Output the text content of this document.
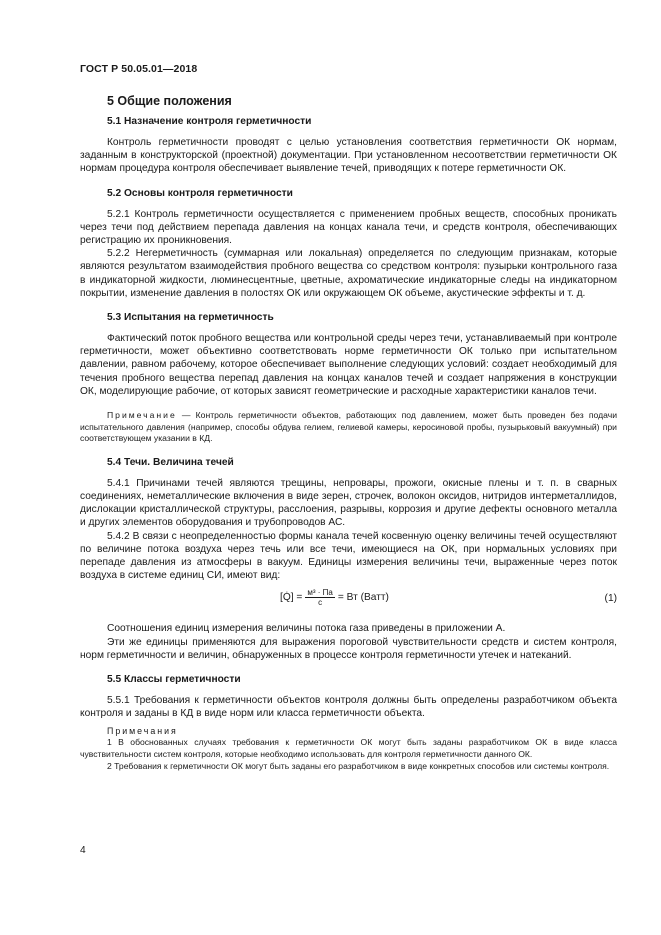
ГОСТ Р 50.05.01—2018
5 Общие положения
5.1 Назначение контроля герметичности

Контроль герметичности проводят с целью установления соответствия герметичности ОК нормам, заданным в конструкторской (проектной) документации. При установленном несоответствии герметичности ОК нормам процедура контроля обеспечивает выявление течей, приводящих к потере герметичности ОК.

5.2 Основы контроля герметичности

5.2.1 Контроль герметичности осуществляется с применением пробных веществ, способных проникать через течи под действием перепада давления на концах канала течи, и средств контроля, обеспечивающих регистрацию их проникновения.

5.2.2 Негерметичность (суммарная или локальная) определяется по следующим признакам, которые являются результатом взаимодействия пробного вещества со средством контроля: пузырьки контрольного газа в индикаторной жидкости, люминесцентные, цветные, ахроматические индикаторные следы на индикаторном покрытии, изменение давления в полостях ОК или окружающем ОК объеме, акустические эффекты и т. д.

5.3 Испытания на герметичность

Фактический поток пробного вещества или контрольной среды через течи, устанавливаемый при контроле герметичности, может объективно соответствовать норме герметичности ОК только при испытательном давлении, равном рабочему, которое обеспечивает выполнение следующих условий: создает необходимый для течения пробного вещества перепад давления на концах каналов течей и создает напряжения в конструкции ОК, моделирующие рабочие, от которых зависят геометрические и расходные характеристики каналов течи.

Примечание — Контроль герметичности объектов, работающих под давлением, может быть проведен без подачи испытательного давления (например, способы обдува гелием, гелиевой камеры, керосиновой пробы, пузырьковый вакуумный) при соответствующем указании в КД.

5.4 Течи. Величина течей

5.4.1 Причинами течей являются трещины, непровары, прожоги, окисные плены и т. п. в сварных соединениях, неметаллические включения в виде зерен, строчек, волокон оксидов, нитридов интерметаллидов, дислокации кристаллической структуры, расслоения, разрывы, коррозия и другие дефекты основного металла и других элементов оборудования и трубопроводов АС.

5.4.2 В связи с неопределенностью формы канала течей косвенную оценку величины течей осуществляют по величине потока воздуха через течь или все течи, имеющиеся на ОК, при нормальных условиях при перепаде давления из атмосферы в вакуум. Единицы измерения величины течи, выраженные через поток воздуха в системе единиц СИ, имеют вид:

[Q̇] = $\frac{\text{м³ · Па}}{с}$ = Вт (Ватт)	(1)

Соотношения единиц измерения величины потока газа приведены в приложении А.

Эти же единицы применяются для выражения пороговой чувствительности средств и систем контроля, норм герметичности и величин, обнаруженных в процессе контроля герметичности утечек и натеканий.

5.5 Классы герметичности

5.5.1 Требования к герметичности объектов контроля должны быть определены разработчиком объекта контроля и заданы в КД в виде норм или класса герметичности объекта.

Примечания

1 В обоснованных случаях требования к герметичности ОК могут быть заданы разработчиком ОК в виде класса чувствительности систем контроля, которые необходимо использовать для контроля герметичности данного ОК.

2 Требования к герметичности ОК могут быть заданы его разработчиком в виде конкретных способов или системы контроля.

4
